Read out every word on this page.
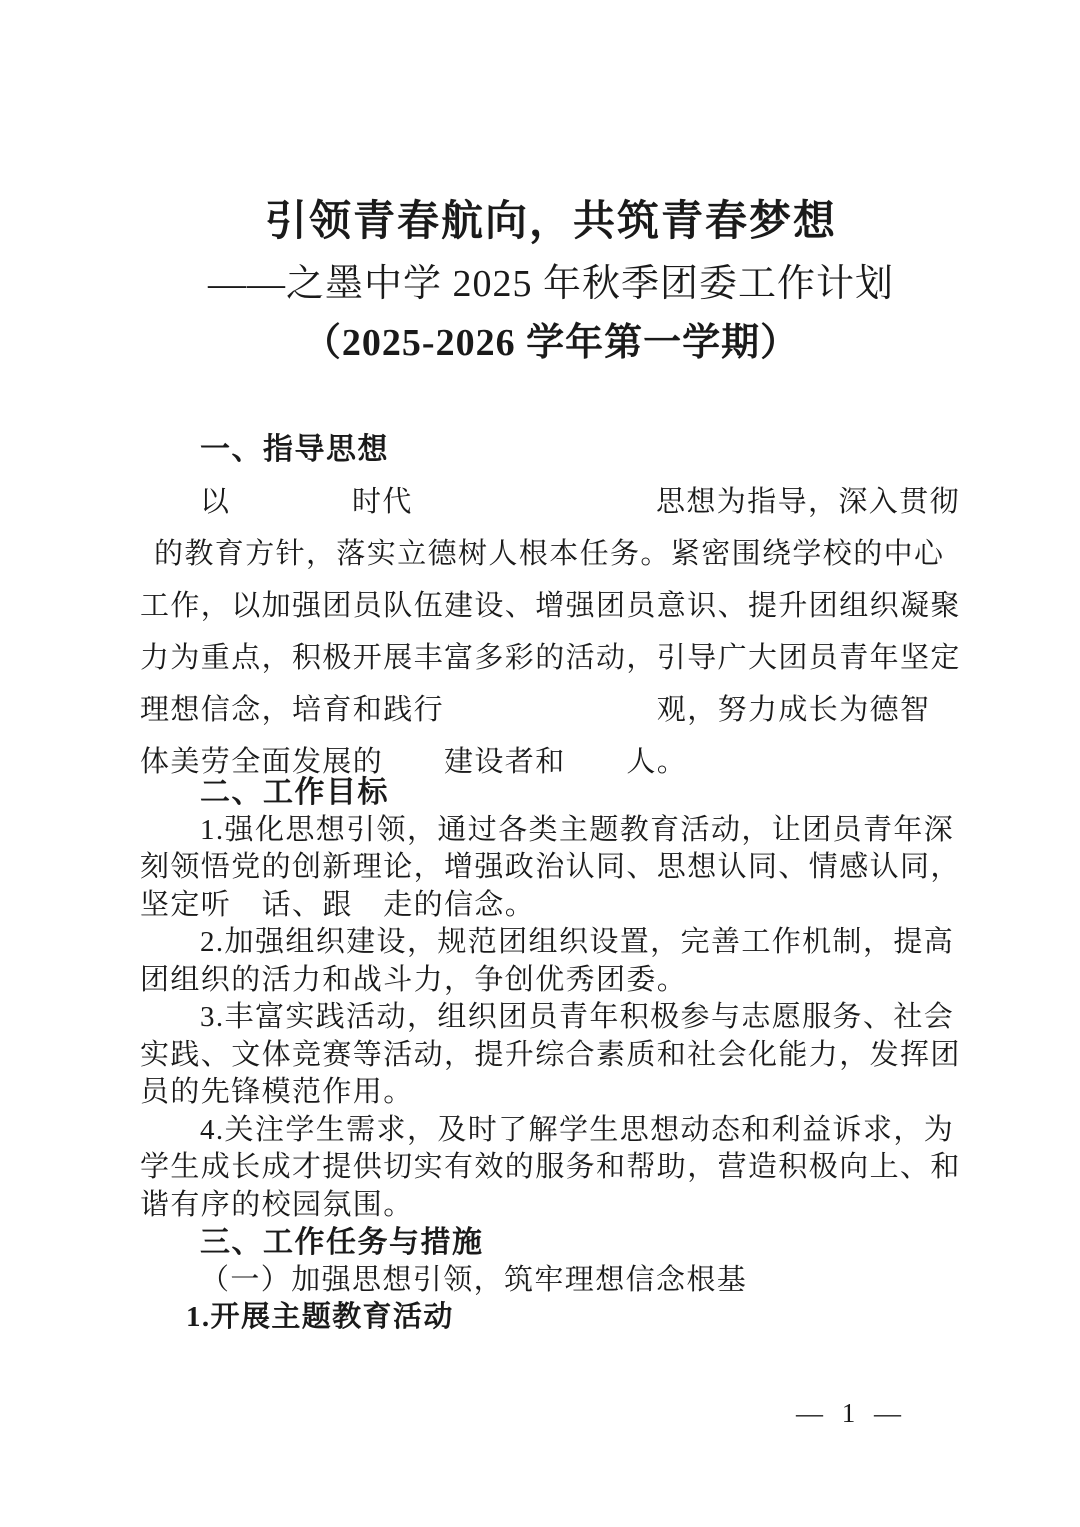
引领青春航向，共筑青春梦想
——之墨中学 2025 年秋季团委工作计划
（2025-2026 学年第一学期）
一、指导思想
以　　　　时代　　　　　　　　思想为指导，深入贯彻
的教育方针，落实立德树人根本任务。紧密围绕学校的中心
工作，以加强团员队伍建设、增强团员意识、提升团组织凝聚
力为重点，积极开展丰富多彩的活动，引导广大团员青年坚定
理想信念，培育和践行　　　　　　　观，努力成长为德智
体美劳全面发展的　　建设者和　　人。
二、工作目标
1.强化思想引领，通过各类主题教育活动，让团员青年深
刻领悟党的创新理论，增强政治认同、思想认同、情感认同，
坚定听　话、跟　走的信念。
2.加强组织建设，规范团组织设置，完善工作机制，提高
团组织的活力和战斗力，争创优秀团委。
3.丰富实践活动，组织团员青年积极参与志愿服务、社会
实践、文体竞赛等活动，提升综合素质和社会化能力，发挥团
员的先锋模范作用。
4.关注学生需求，及时了解学生思想动态和利益诉求，为
学生成长成才提供切实有效的服务和帮助，营造积极向上、和
谐有序的校园氛围。
三、工作任务与措施
（一）加强思想引领，筑牢理想信念根基
1.开展主题教育活动
— 1 —
